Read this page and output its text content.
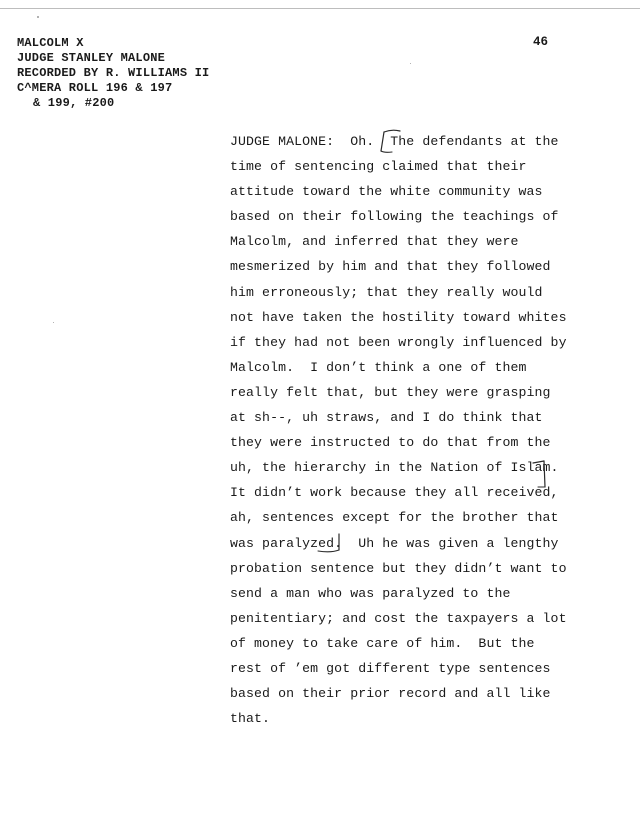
MALCOLM X
JUDGE STANLEY MALONE
RECORDED BY R. WILLIAMS II
C^MERA ROLL 196 & 197
& 199, #200
46
JUDGE MALONE:  Oh.  The defendants at the
time of sentencing claimed that their
attitude toward the white community was
based on their following the teachings of
Malcolm, and inferred that they were
mesmerized by him and that they followed
him erroneously; that they really would
not have taken the hostility toward whites
if they had not been wrongly influenced by
Malcolm.  I don’t think a one of them
really felt that, but they were grasping
at sh--, uh straws, and I do think that
they were instructed to do that from the
uh, the hierarchy in the Nation of Islam.
It didn’t work because they all received,
ah, sentences except for the brother that
was paralyzed.  Uh he was given a lengthy
probation sentence but they didn’t want to
send a man who was paralyzed to the
penitentiary; and cost the taxpayers a lot
of money to take care of him.  But the
rest of ’em got different type sentences
based on their prior record and all like
that.
